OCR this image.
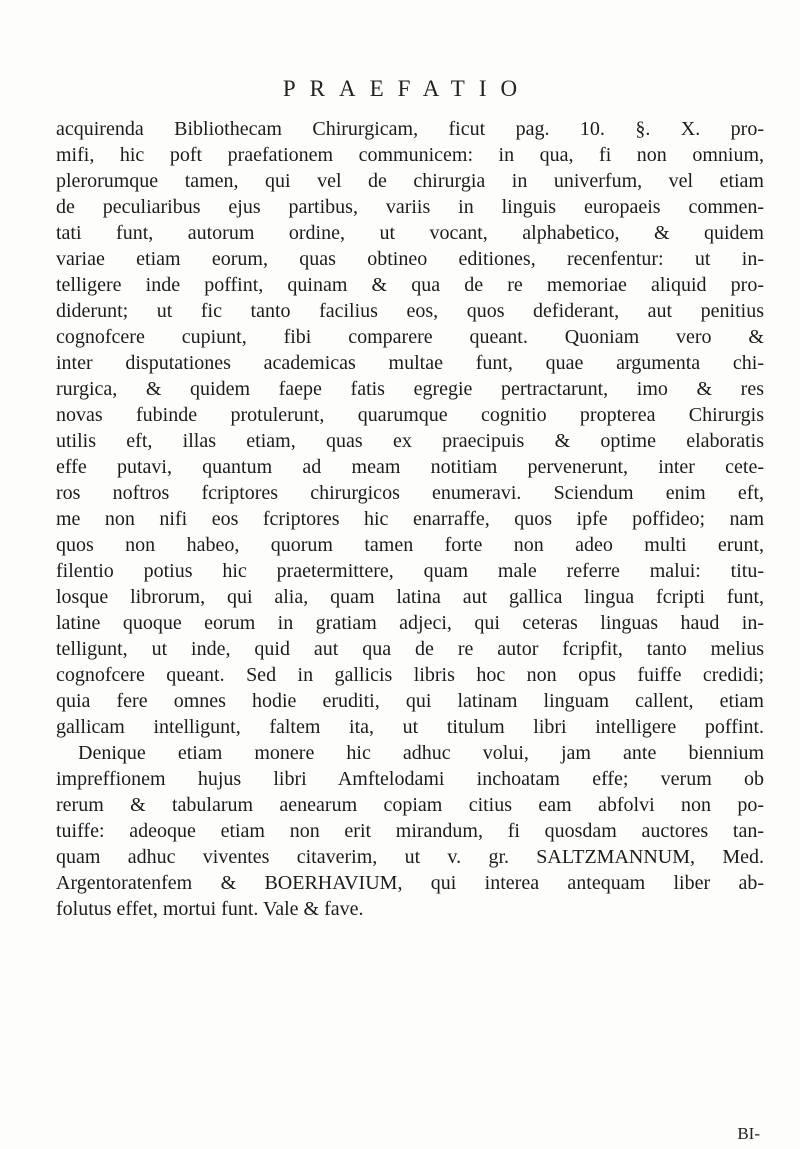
PRAEFATIO
acquirenda Bibliothecam Chirurgicam, ficut pag. 10. §. X. pro-
mifi, hic poft praefationem communicem: in qua, fi non omnium,
plerorumque tamen, qui vel de chirurgia in univerfum, vel etiam
de peculiaribus ejus partibus, variis in linguis europaeis commen-
tati funt, autorum ordine, ut vocant, alphabetico, & quidem
variae etiam eorum, quas obtineo editiones, recenfentur: ut in-
telligere inde poffint, quinam & qua de re memoriae aliquid pro-
diderunt; ut fic tanto facilius eos, quos defiderant, aut penitius
cognofcere cupiunt, fibi comparere queant. Quoniam vero &
inter disputationes academicas multae funt, quae argumenta chi-
rurgica, & quidem faepe fatis egregie pertractarunt, imo & res
novas fubinde protulerunt, quarumque cognitio propterea Chirurgis
utilis eft, illas etiam, quas ex praecipuis & optime elaboratis
effe putavi, quantum ad meam notitiam pervenerunt, inter cete-
ros noftros fcriptores chirurgicos enumeravi. Sciendum enim eft,
me non nifi eos fcriptores hic enarraffe, quos ipfe poffideo; nam
quos non habeo, quorum tamen forte non adeo multi erunt,
filentio potius hic praetermittere, quam male referre malui: titu-
losque librorum, qui alia, quam latina aut gallica lingua fcripti funt,
latine quoque eorum in gratiam adjeci, qui ceteras linguas haud in-
telligunt, ut inde, quid aut qua de re autor fcripfit, tanto melius
cognofcere queant. Sed in gallicis libris hoc non opus fuiffe credidi;
quia fere omnes hodie eruditi, qui latinam linguam callent, etiam
gallicam intelligunt, faltem ita, ut titulum libri intelligere poffint.
Denique etiam monere hic adhuc volui, jam ante biennium
impreffionem hujus libri Amftelodami inchoatam effe; verum ob
rerum & tabularum aenearum copiam citius eam abfolvi non po-
tuiffe: adeoque etiam non erit mirandum, fi quosdam auctores tan-
quam adhuc viventes citaverim, ut v. gr. SALTZMANNUM, Med.
Argentoratenfem & BOERHAVIUM, qui interea antequam liber ab-
folutus effet, mortui funt. Vale & fave.
BI-
